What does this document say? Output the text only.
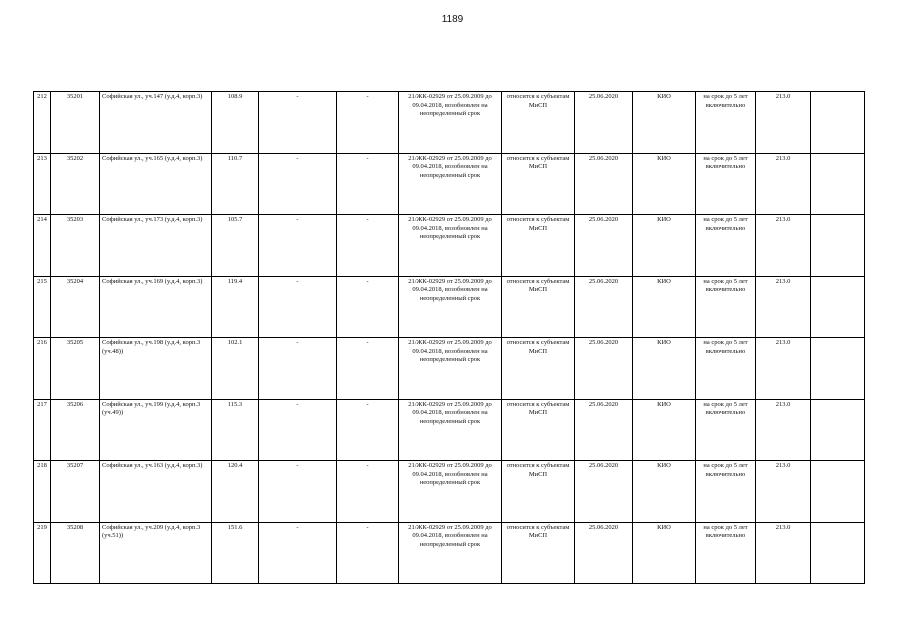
1189
212	35201	Софийская ул., уч.147 (у.д.4, корп.3)	108.9	-	-	21/ЖК-02929 от 25.09.2009 до 09.04.2018, возобновлен на неопределенный срок	относится к субъектам МиСП	25.06.2020	КИО	на срок до 5 лет включительно	213.0	
213	35202	Софийская ул., уч.165 (у.д.4, корп.3)	110.7	-	-	21/ЖК-02929 от 25.09.2009 до 09.04.2018, возобновлен на неопределенный срок	относится к субъектам МиСП	25.06.2020	КИО	на срок до 5 лет включительно	213.0	
214	35203	Софийская ул., уч.173 (у.д.4, корп.3)	105.7	-	-	21/ЖК-02929 от 25.09.2009 до 09.04.2018, возобновлен на неопределенный срок	относится к субъектам МиСП	25.06.2020	КИО	на срок до 5 лет включительно	213.0	
215	35204	Софийская ул., уч.169 (у.д.4, корп.3)	119.4	-	-	21/ЖК-02929 от 25.09.2009 до 09.04.2018, возобновлен на неопределенный срок	относится к субъектам МиСП	25.06.2020	КИО	на срок до 5 лет включительно	213.0	
216	35205	Софийская ул., уч.198 (у.д.4, корп.3 (уч.48))	102.1	-	-	21/ЖК-02929 от 25.09.2009 до 09.04.2018, возобновлен на неопределенный срок	относится к субъектам МиСП	25.06.2020	КИО	на срок до 5 лет включительно	213.0	
217	35206	Софийская ул., уч.199 (у.д.4, корп.3 (уч.49))	115.3	-	-	21/ЖК-02929 от 25.09.2009 до 09.04.2018, возобновлен на неопределенный срок	относится к субъектам МиСП	25.06.2020	КИО	на срок до 5 лет включительно	213.0	
218	35207	Софийская ул., уч.163 (у.д.4, корп.3)	120.4	-	-	21/ЖК-02929 от 25.09.2009 до 09.04.2018, возобновлен на неопределенный срок	относится к субъектам МиСП	25.06.2020	КИО	на срок до 5 лет включительно	213.0	
219	35208	Софийская ул., уч.209 (у.д.4, корп.3 (уч.51))	151.6	-	-	21/ЖК-02929 от 25.09.2009 до 09.04.2018, возобновлен на неопределенный срок	относится к субъектам МиСП	25.06.2020	КИО	на срок до 5 лет включительно	213.0	
